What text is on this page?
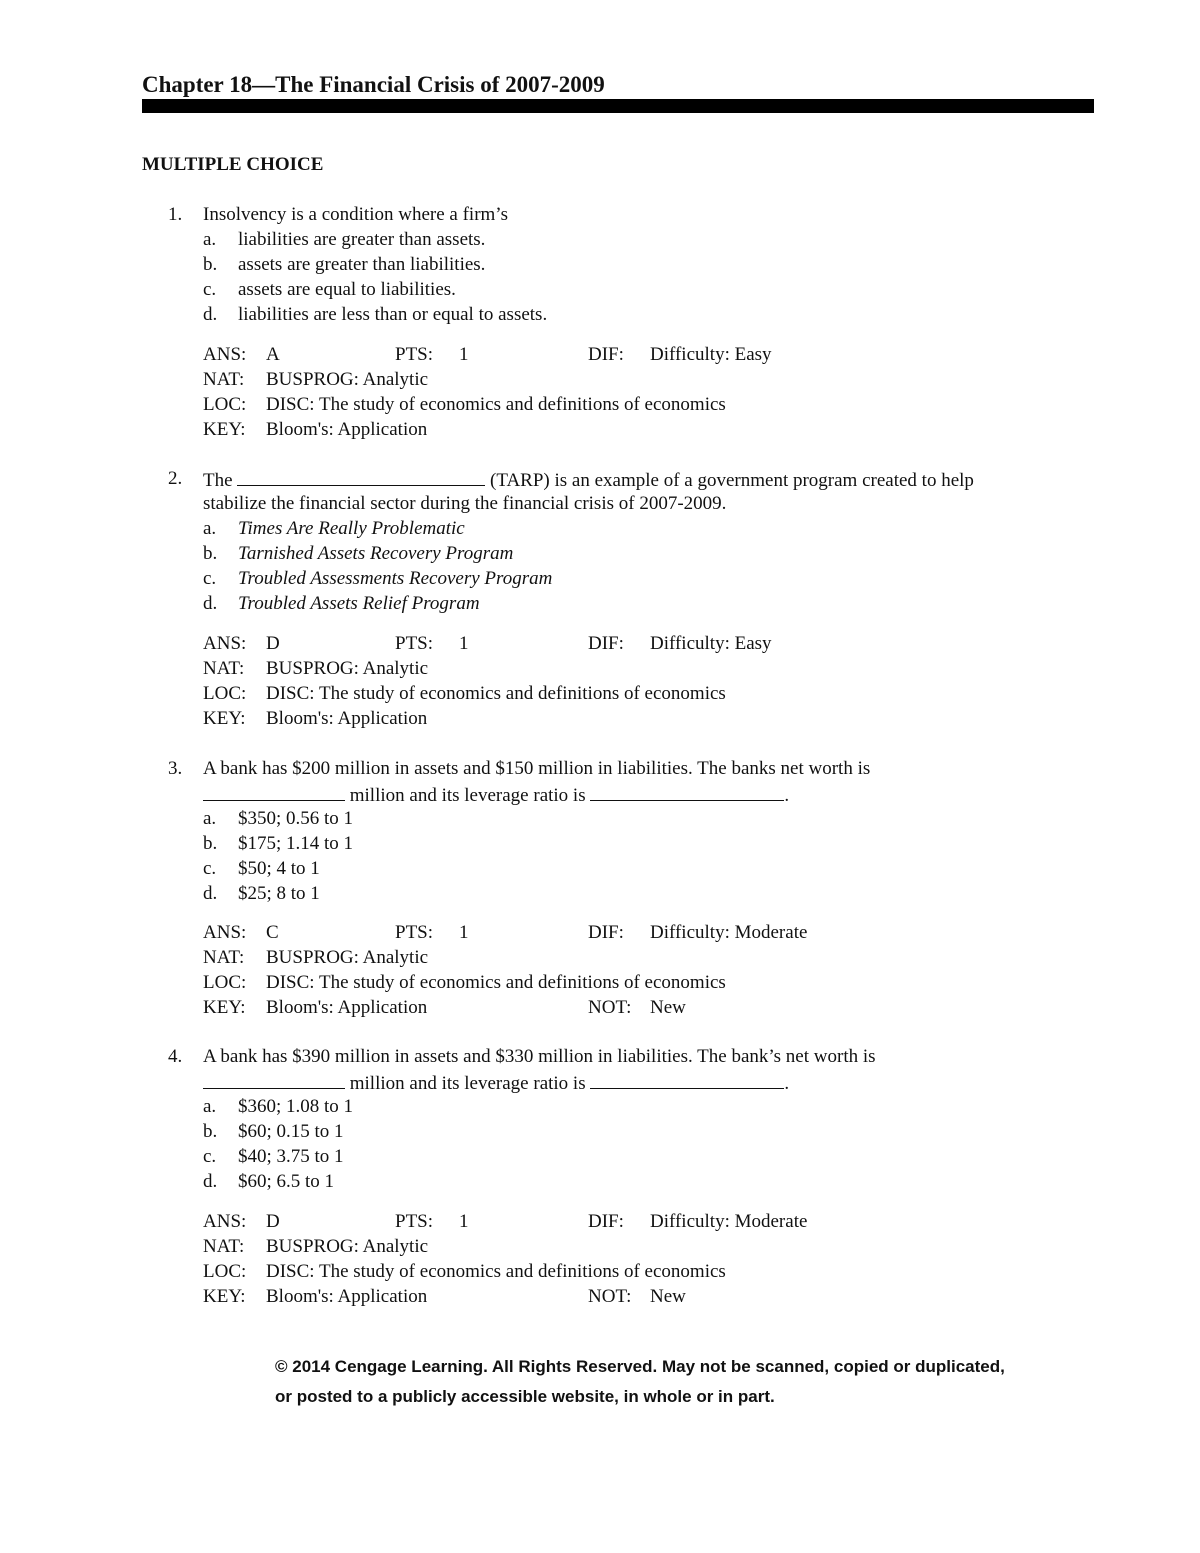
Chapter 18—The Financial Crisis of 2007-2009
MULTIPLE CHOICE
1. Insolvency is a condition where a firm’s
a. liabilities are greater than assets.
b. assets are greater than liabilities.
c. assets are equal to liabilities.
d. liabilities are less than or equal to assets.
ANS: A	PTS: 1	DIF: Difficulty: Easy
NAT: BUSPROG: Analytic
LOC: DISC: The study of economics and definitions of economics
KEY: Bloom's: Application
2. The	(TARP) is an example of a government program created to help
stabilize the financial sector during the financial crisis of 2007-2009.
a. Times Are Really Problematic
b. Tarnished Assets Recovery Program
c. Troubled Assessments Recovery Program
d. Troubled Assets Relief Program
ANS: D	PTS: 1	DIF: Difficulty: Easy
NAT: BUSPROG: Analytic
LOC: DISC: The study of economics and definitions of economics
KEY: Bloom's: Application
3. A bank has $200 million in assets and $150 million in liabilities. The banks net worth is
million and its leverage ratio is	.
a. $350; 0.56 to 1
b. $175; 1.14 to 1
c. $50; 4 to 1
d. $25; 8 to 1
ANS: C	PTS: 1	DIF: Difficulty: Moderate
NAT: BUSPROG: Analytic
LOC: DISC: The study of economics and definitions of economics
KEY: Bloom's: Application	NOT: New
4. A bank has $390 million in assets and $330 million in liabilities. The bank’s net worth is
million and its leverage ratio is	.
a. $360; 1.08 to 1
b. $60; 0.15 to 1
c. $40; 3.75 to 1
d. $60; 6.5 to 1
ANS: D	PTS: 1	DIF: Difficulty: Moderate
NAT: BUSPROG: Analytic
LOC: DISC: The study of economics and definitions of economics
KEY: Bloom's: Application	NOT: New
© 2014 Cengage Learning. All Rights Reserved. May not be scanned, copied or duplicated,
or posted to a publicly accessible website, in whole or in part.
